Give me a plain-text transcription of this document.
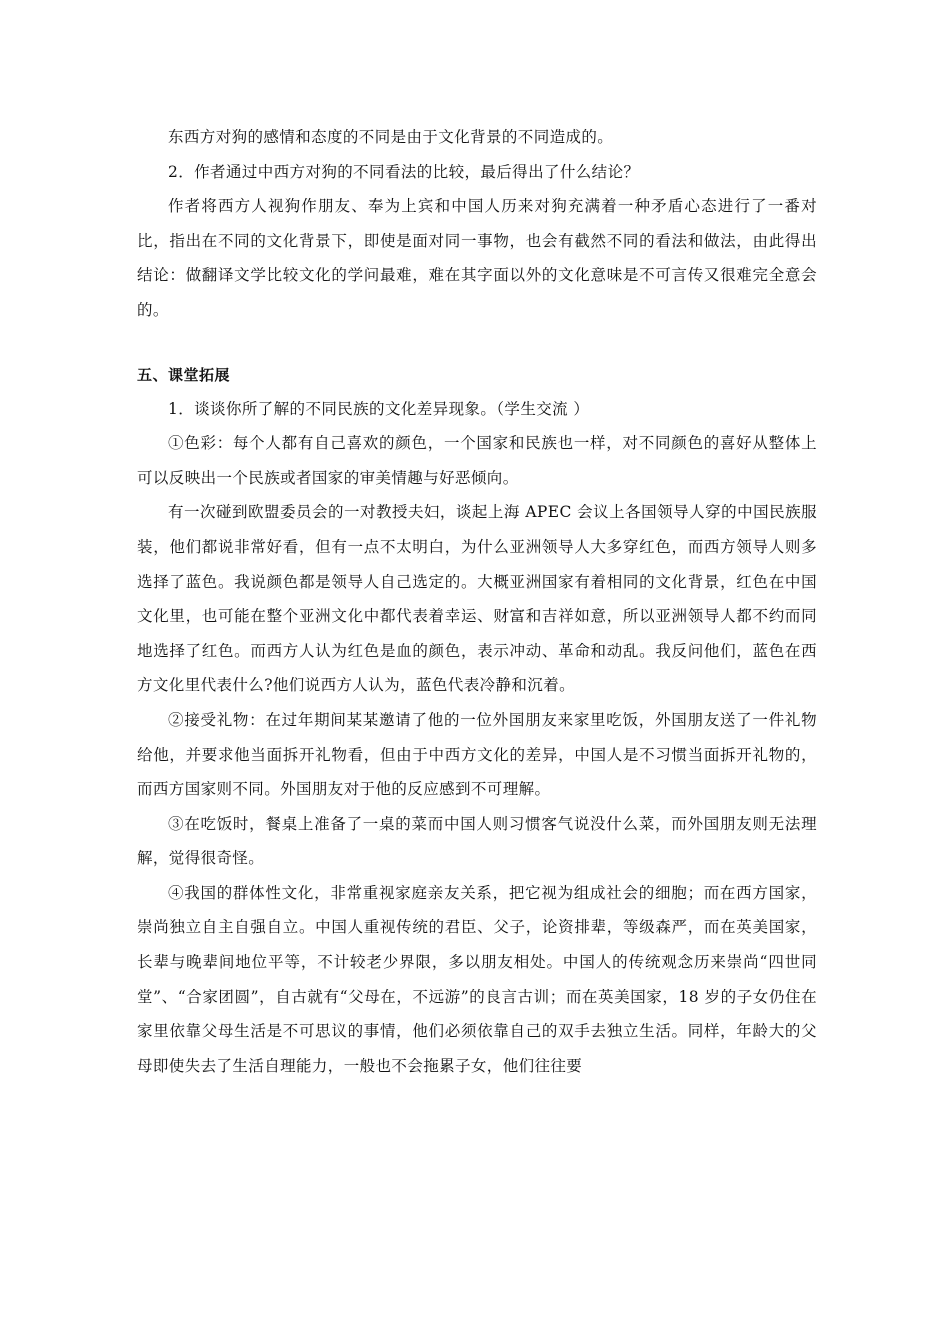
东西方对狗的感情和态度的不同是由于文化背景的不同造成的。

2．作者通过中西方对狗的不同看法的比较，最后得出了什么结论？

作者将西方人视狗作朋友、奉为上宾和中国人历来对狗充满着一种矛盾心态进行了一番对比，指出在不同的文化背景下，即使是面对同一事物，也会有截然不同的看法和做法，由此得出结论：做翻译文学比较文化的学问最难，难在其字面以外的文化意味是不可言传又很难完全意会的。

五、课堂拓展

1．谈谈你所了解的不同民族的文化差异现象。（学生交流 ）

①色彩：每个人都有自己喜欢的颜色，一个国家和民族也一样，对不同颜色的喜好从整体上可以反映出一个民族或者国家的审美情趣与好恶倾向。

有一次碰到欧盟委员会的一对教授夫妇，谈起上海 APEC 会议上各国领导人穿的中国民族服装，他们都说非常好看，但有一点不太明白，为什么亚洲领导人大多穿红色，而西方领导人则多选择了蓝色。我说颜色都是领导人自己选定的。大概亚洲国家有着相同的文化背景，红色在中国文化里，也可能在整个亚洲文化中都代表着幸运、财富和吉祥如意，所以亚洲领导人都不约而同地选择了红色。而西方人认为红色是血的颜色，表示冲动、革命和动乱。我反问他们，蓝色在西方文化里代表什么?他们说西方人认为，蓝色代表冷静和沉着。

②接受礼物：在过年期间某某邀请了他的一位外国朋友来家里吃饭，外国朋友送了一件礼物给他，并要求他当面拆开礼物看，但由于中西方文化的差异，中国人是不习惯当面拆开礼物的，而西方国家则不同。外国朋友对于他的反应感到不可理解。

③在吃饭时，餐桌上准备了一桌的菜而中国人则习惯客气说没什么菜，而外国朋友则无法理解，觉得很奇怪。

④我国的群体性文化，非常重视家庭亲友关系，把它视为组成社会的细胞；而在西方国家，崇尚独立自主自强自立。中国人重视传统的君臣、父子，论资排辈，等级森严，而在英美国家，长辈与晚辈间地位平等，不计较老少界限，多以朋友相处。中国人的传统观念历来崇尚“四世同堂”、“合家团圆”，自古就有“父母在，不远游”的良言古训；而在英美国家，18 岁的子女仍住在家里依靠父母生活是不可思议的事情，他们必须依靠自己的双手去独立生活。同样，年龄大的父母即使失去了生活自理能力，一般也不会拖累子女，他们往往要
